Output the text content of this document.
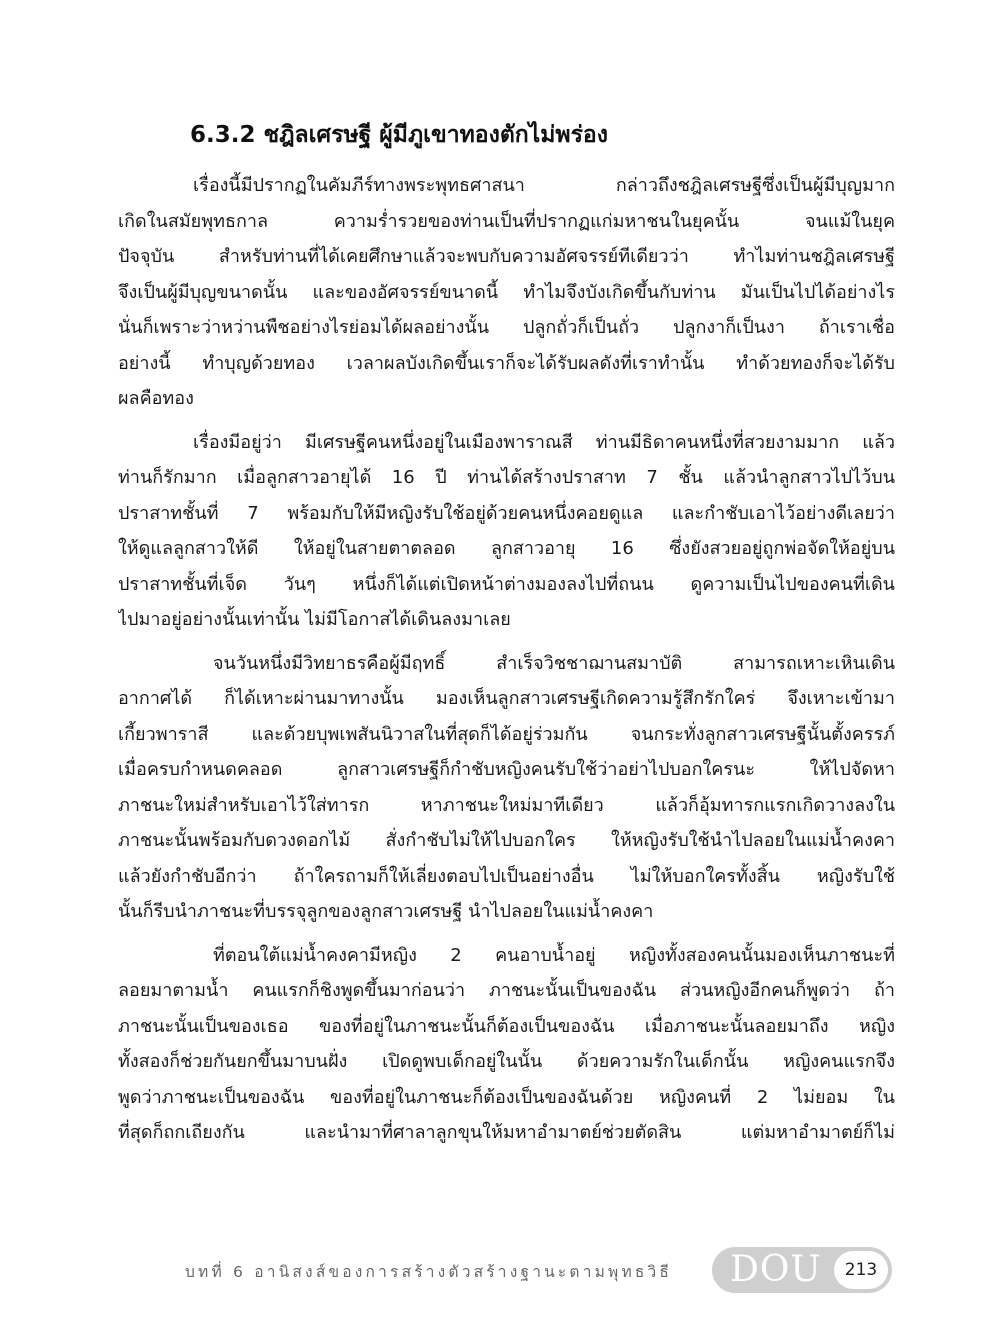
6.3.2 ชฎิลเศรษฐี ผู้มีภูเขาทองตักไม่พร่อง
เรื่องนี้มีปรากฏในคัมภีร์ทางพระพุทธศาสนา กล่าวถึงชฎิลเศรษฐีซึ่งเป็นผู้มีบุญมาก
เกิดในสมัยพุทธกาล ความร่ำรวยของท่านเป็นที่ปรากฏแก่มหาชนในยุคนั้น จนแม้ในยุค
ปัจจุบัน สำหรับท่านที่ได้เคยศึกษาแล้วจะพบกับความอัศจรรย์ทีเดียวว่า ทำไมท่านชฎิลเศรษฐี
จึงเป็นผู้มีบุญขนาดนั้น และของอัศจรรย์ขนาดนี้ ทำไมจึงบังเกิดขึ้นกับท่าน มันเป็นไปได้อย่างไร
นั่นก็เพราะว่าหว่านพืชอย่างไรย่อมได้ผลอย่างนั้น ปลูกถั่วก็เป็นถั่ว ปลูกงาก็เป็นงา ถ้าเราเชื่อ
อย่างนี้ ทำบุญด้วยทอง เวลาผลบังเกิดขึ้นเราก็จะได้รับผลดังที่เราทำนั้น ทำด้วยทองก็จะได้รับ
ผลคือทอง
เรื่องมีอยู่ว่า มีเศรษฐีคนหนึ่งอยู่ในเมืองพาราณสี ท่านมีธิดาคนหนึ่งที่สวยงามมาก แล้ว
ท่านก็รักมาก เมื่อลูกสาวอายุได้ 16 ปี ท่านได้สร้างปราสาท 7 ชั้น แล้วนำลูกสาวไปไว้บน
ปราสาทชั้นที่ 7 พร้อมกับให้มีหญิงรับใช้อยู่ด้วยคนหนึ่งคอยดูแล และกำชับเอาไว้อย่างดีเลยว่า
ให้ดูแลลูกสาวให้ดี ให้อยู่ในสายตาตลอด ลูกสาวอายุ 16 ซึ่งยังสวยอยู่ถูกพ่อจัดให้อยู่บน
ปราสาทชั้นที่เจ็ด วันๆ หนึ่งก็ได้แต่เปิดหน้าต่างมองลงไปที่ถนน ดูความเป็นไปของคนที่เดิน
ไปมาอยู่อย่างนั้นเท่านั้น ไม่มีโอกาสได้เดินลงมาเลย
จนวันหนึ่งมีวิทยาธรคือผู้มีฤทธิ์ สำเร็จวิชชาฌานสมาบัติ สามารถเหาะเหินเดิน
อากาศได้ ก็ได้เหาะผ่านมาทางนั้น มองเห็นลูกสาวเศรษฐีเกิดความรู้สึกรักใคร่ จึงเหาะเข้ามา
เกี้ยวพาราสี และด้วยบุพเพสันนิวาสในที่สุดก็ได้อยู่ร่วมกัน จนกระทั่งลูกสาวเศรษฐีนั้นตั้งครรภ์
เมื่อครบกำหนดคลอด ลูกสาวเศรษฐีก็กำชับหญิงคนรับใช้ว่าอย่าไปบอกใครนะ ให้ไปจัดหา
ภาชนะใหม่สำหรับเอาไว้ใส่ทารก หาภาชนะใหม่มาทีเดียว แล้วก็อุ้มทารกแรกเกิดวางลงใน
ภาชนะนั้นพร้อมกับดวงดอกไม้ สั่งกำชับไม่ให้ไปบอกใคร ให้หญิงรับใช้นำไปลอยในแม่น้ำคงคา
แล้วยังกำชับอีกว่า ถ้าใครถามก็ให้เลี่ยงตอบไปเป็นอย่างอื่น ไม่ให้บอกใครทั้งสิ้น หญิงรับใช้
นั้นก็รีบนำภาชนะที่บรรจุลูกของลูกสาวเศรษฐี นำไปลอยในแม่น้ำคงคา
ที่ตอนใต้แม่น้ำคงคามีหญิง 2 คนอาบน้ำอยู่ หญิงทั้งสองคนนั้นมองเห็นภาชนะที่
ลอยมาตามน้ำ คนแรกก็ชิงพูดขึ้นมาก่อนว่า ภาชนะนั้นเป็นของฉัน ส่วนหญิงอีกคนก็พูดว่า ถ้า
ภาชนะนั้นเป็นของเธอ ของที่อยู่ในภาชนะนั้นก็ต้องเป็นของฉัน เมื่อภาชนะนั้นลอยมาถึง หญิง
ทั้งสองก็ช่วยกันยกขึ้นมาบนฝั่ง เปิดดูพบเด็กอยู่ในนั้น ด้วยความรักในเด็กนั้น หญิงคนแรกจึง
พูดว่าภาชนะเป็นของฉัน ของที่อยู่ในภาชนะก็ต้องเป็นของฉันด้วย หญิงคนที่ 2 ไม่ยอม ใน
ที่สุดก็ถกเถียงกัน และนำมาที่ศาลาลูกขุนให้มหาอำมาตย์ช่วยตัดสิน แต่มหาอำมาตย์ก็ไม่
บทที่ 6 อานิสงส์ของการสร้างตัวสร้างฐานะตามพุทธวิธี DOU	213
